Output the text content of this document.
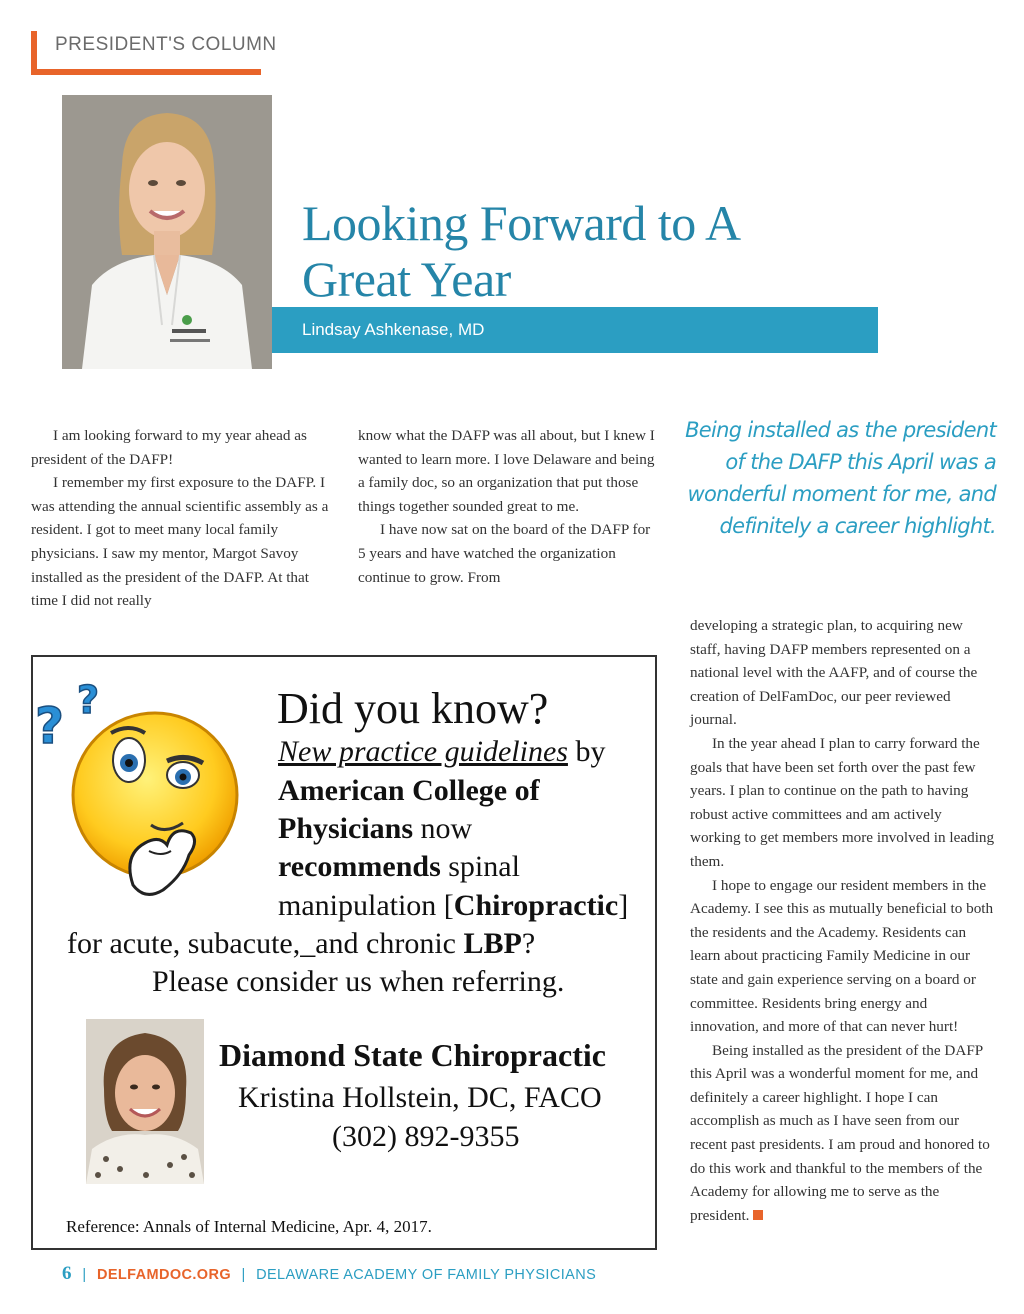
PRESIDENT'S COLUMN
Looking Forward to A
Great Year
Lindsay Ashkenase, MD

I am looking forward to my year ahead as president of the DAFP!

I remember my first exposure to the DAFP. I was attending the annual scientific assembly as a resident. I got to meet many local family physicians. I saw my mentor, Margot Savoy installed as the president of the DAFP. At that time I did not really

know what the DAFP was all about, but I knew I wanted to learn more. I love Delaware and being a family doc, so an organization that put those things together sounded great to me.

I have now sat on the board of the DAFP for 5 years and have watched the organization continue to grow. From

Being installed as the president of the DAFP this April was a wonderful moment for me, and definitely a career highlight.

developing a strategic plan, to acquiring new staff, having DAFP members represented on a national level with the AAFP, and of course the creation of DelFamDoc, our peer reviewed journal.

In the year ahead I plan to carry forward the goals that have been set forth over the past few years. I plan to continue on the path to having robust active committees and am actively working to get members more involved in leading them.

I hope to engage our resident members in the Academy. I see this as mutually beneficial to both the residents and the Academy. Residents can learn about practicing Family Medicine in our state and gain experience serving on a board or committee. Residents bring energy and innovation, and more of that can never hurt!

Being installed as the president of the DAFP this April was a wonderful moment for me, and definitely a career highlight. I hope I can accomplish as much as I have seen from our recent past presidents. I am proud and honored to do this work and thankful to the members of the Academy for allowing me to serve as the president.

? ?	Did you know?
New practice guidelines by
American College of
Physicians now
recommends spinal
manipulation [Chiropractic]
for acute, subacute,_and chronic LBP?
Please consider us when referring.
Diamond State Chiropractic
Kristina Hollstein, DC, FACO
(302) 892-9355
Reference: Annals of Internal Medicine, Apr. 4, 2017.
6 | DELFAMDOC.ORG | DELAWARE ACADEMY OF FAMILY PHYSICIANS
